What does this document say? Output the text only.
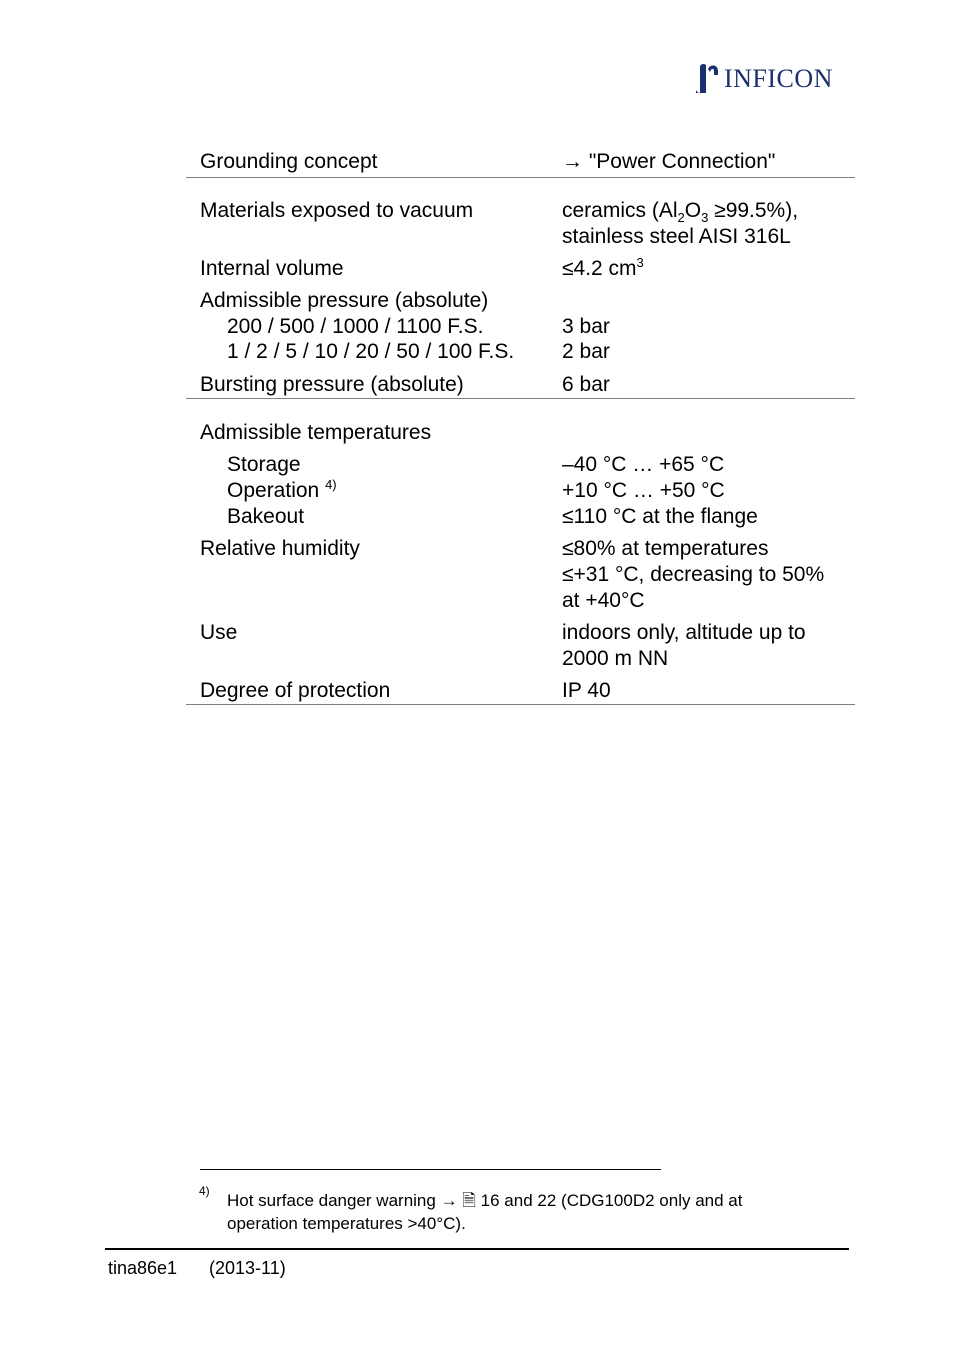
INFICON
Grounding concept	→ "Power Connection"
Materials exposed to vacuum	ceramics $(Al_2O_3 \ge 99.5\%)$,
stainless steel AISI 316L
Internal volume	≤4.2 $cm^3$
Admissible pressure (absolute)
200 / 500 / 1000 / 1100 F.S.	3 bar
1 / 2 / 5 / 10 / 20 / 50 / 100 F.S. 2 bar
Bursting pressure (absolute)	6 bar
Admissible temperatures
Storage	–40 °C … +65 °C
Operation $^{4)}$	+10 °C … +50 °C
Bakeout	≤110 °C at the flange
Relative humidity	≤80% at temperatures
≤+31 °C, decreasing to 50%
at +40°C
Use	indoors only, altitude up to
2000 m NN
Degree of protection	IP 40
4) Hot surface danger warning → 🗎 16 and 22 (CDG100D2 only and at
operation temperatures >40°C).
tina86e1 (2013-11)
